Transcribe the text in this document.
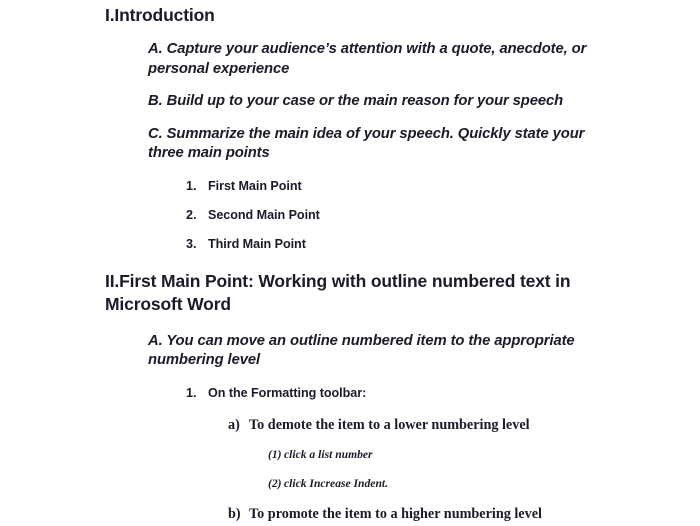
I.Introduction

A. Capture your audience’s attention with a quote, anecdote, or personal experience

B. Build up to your case or the main reason for your speech

C. Summarize the main idea of your speech. Quickly state your three main points

1. First Main Point
2. Second Main Point
3. Third Main Point

II.First Main Point: Working with outline numbered text in Microsoft Word

A. You can move an outline numbered item to the appropriate numbering level

1. On the Formatting toolbar:
a) To demote the item to a lower numbering level
(1) click a list number
(2) click Increase Indent.
b) To promote the item to a higher numbering level
